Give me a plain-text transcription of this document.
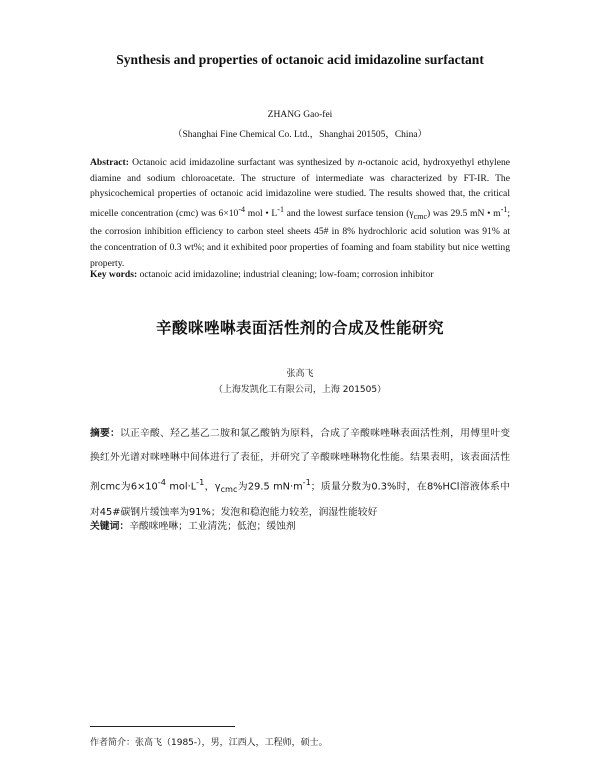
Synthesis and properties of octanoic acid imidazoline surfactant
ZHANG Gao-fei
（Shanghai Fine Chemical Co. Ltd.，Shanghai 201505，China）
Abstract: Octanoic acid imidazoline surfactant was synthesized by n-octanoic acid, hydroxyethyl ethylene diamine and sodium chloroacetate. The structure of intermediate was characterized by FT-IR. The physicochemical properties of octanoic acid imidazoline were studied. The results showed that, the critical micelle concentration (cmc) was $6\times 10^{-4}$ mol • $L^{-1}$ and the lowest surface tension $(\gamma_{cmc})$ was 29.5 mN • $m^{-1}$; the corrosion inhibition efficiency to carbon steel sheets 45# in 8% hydrochloric acid solution was 91% at the concentration of 0.3 wt%; and it exhibited poor properties of foaming and foam stability but nice wetting property.
Key words: octanoic acid imidazoline; industrial cleaning; low-foam; corrosion inhibitor
辛酸咪唑啉表面活性剂的合成及性能研究
张高飞
（上海发凯化工有限公司，上海 201505）
摘要：以正辛酸、羟乙基乙二胺和氯乙酸钠为原料，合成了辛酸咪唑啉表面活性剂，用傅里叶变换红外光谱对咪唑啉中间体进行了表征，并研究了辛酸咪唑啉物化性能。结果表明，该表面活性剂cmc为$6\times 10^{-4}$ $mol\cdot L^{-1}$，$\gamma_{cmc}$为29.5 $mN\cdot m^{-1}$；质量分数为0.3%时，在8%HCl溶液体系中对45#碳钢片缓蚀率为91%；发泡和稳泡能力较差，润湿性能较好
关键词：辛酸咪唑啉；工业清洗；低泡；缓蚀剂
作者简介：张高飞（1985-），男，江西人，工程师，硕士。
